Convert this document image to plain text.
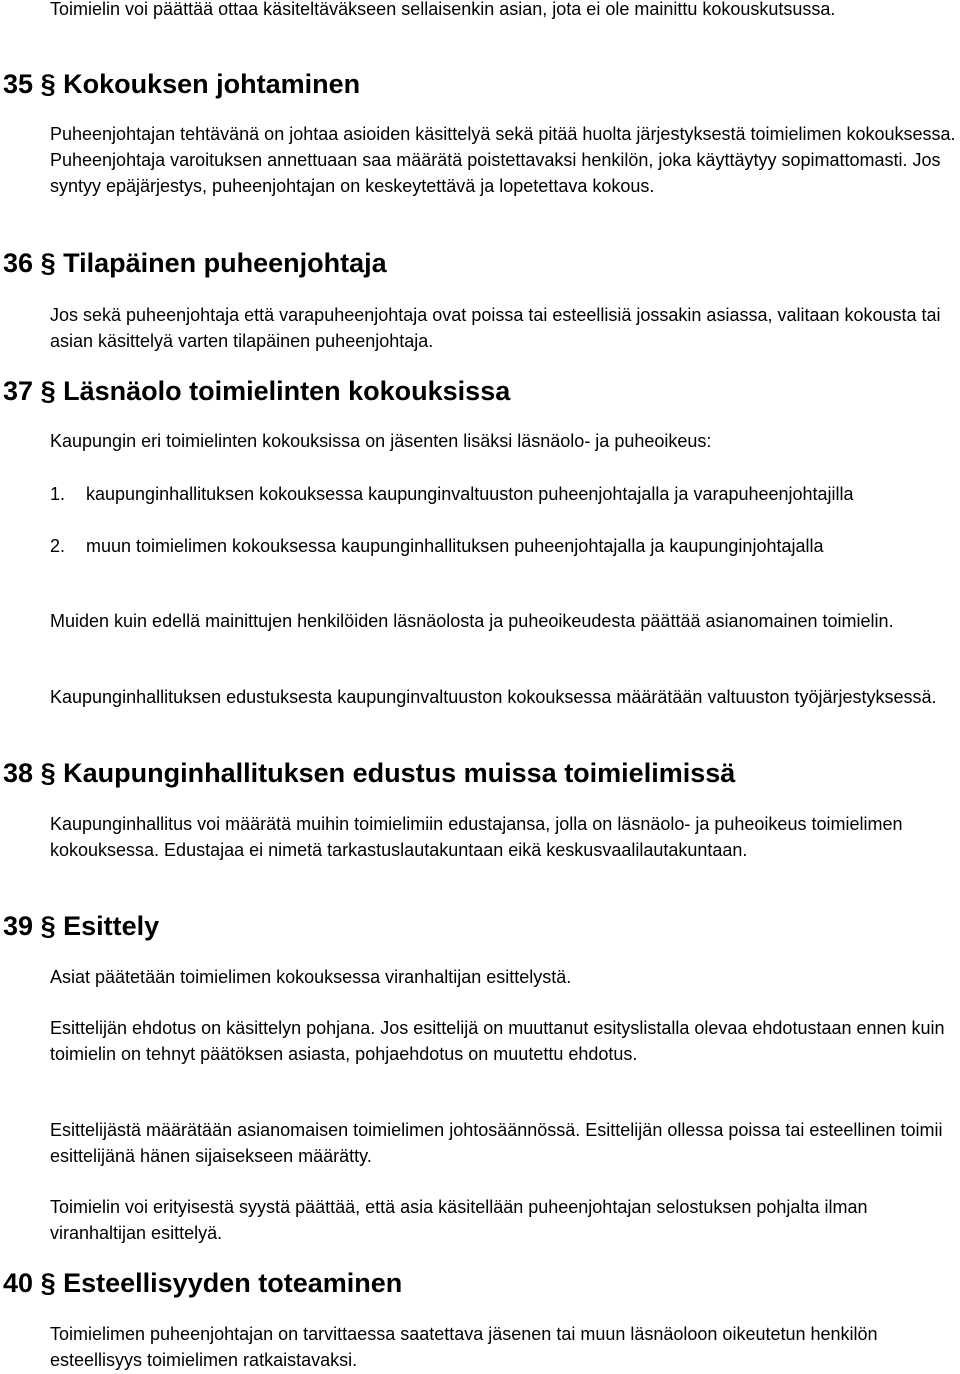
Toimielin voi päättää ottaa käsiteltäväkseen sellaisenkin asian, jota ei ole mainittu kokouskutsussa.

35 § Kokouksen johtaminen

Puheenjohtajan tehtävänä on johtaa asioiden käsittelyä sekä pitää huolta järjestyksestä toimielimen kokouksessa. Puheenjohtaja varoituksen annettuaan saa määrätä poistettavaksi henkilön, joka käyttäytyy sopimattomasti. Jos syntyy epäjärjestys, puheenjohtajan on keskeytettävä ja lopetettava kokous.

36 § Tilapäinen puheenjohtaja

Jos sekä puheenjohtaja että varapuheenjohtaja ovat poissa tai esteellisiä jossakin asiassa, valitaan kokousta tai asian käsittelyä varten tilapäinen puheenjohtaja.

37 § Läsnäolo toimielinten kokouksissa

Kaupungin eri toimielinten kokouksissa on jäsenten lisäksi läsnäolo- ja puheoikeus:

1.	kaupunginhallituksen kokouksessa kaupunginvaltuuston puheenjohtajalla ja varapuheenjohtajilla
2.	muun toimielimen kokouksessa kaupunginhallituksen puheenjohtajalla ja kaupunginjohtajalla

Muiden kuin edellä mainittujen henkilöiden läsnäolosta ja puheoikeudesta päättää asianomainen toimielin.

Kaupunginhallituksen edustuksesta kaupunginvaltuuston kokouksessa määrätään valtuuston työjärjestyksessä.

38 § Kaupunginhallituksen edustus muissa toimielimissä

Kaupunginhallitus voi määrätä muihin toimielimiin edustajansa, jolla on läsnäolo- ja puheoikeus toimielimen kokouksessa. Edustajaa ei nimetä tarkastuslautakuntaan eikä keskusvaalilautakuntaan.

39 § Esittely

Asiat päätetään toimielimen kokouksessa viranhaltijan esittelystä.

Esittelijän ehdotus on käsittelyn pohjana. Jos esittelijä on muuttanut esityslistalla olevaa ehdotustaan ennen kuin toimielin on tehnyt päätöksen asiasta, pohjaehdotus on muutettu ehdotus.

Esittelijästä määrätään asianomaisen toimielimen johtosäännössä. Esittelijän ollessa poissa tai esteellinen toimii esittelijänä hänen sijaisekseen määrätty.

Toimielin voi erityisestä syystä päättää, että asia käsitellään puheenjohtajan selostuksen pohjalta ilman viranhaltijan esittelyä.

40 § Esteellisyyden toteaminen

Toimielimen puheenjohtajan on tarvittaessa saatettava jäsenen tai muun läsnäoloon oikeutetun henkilön esteellisyys toimielimen ratkaistavaksi.
